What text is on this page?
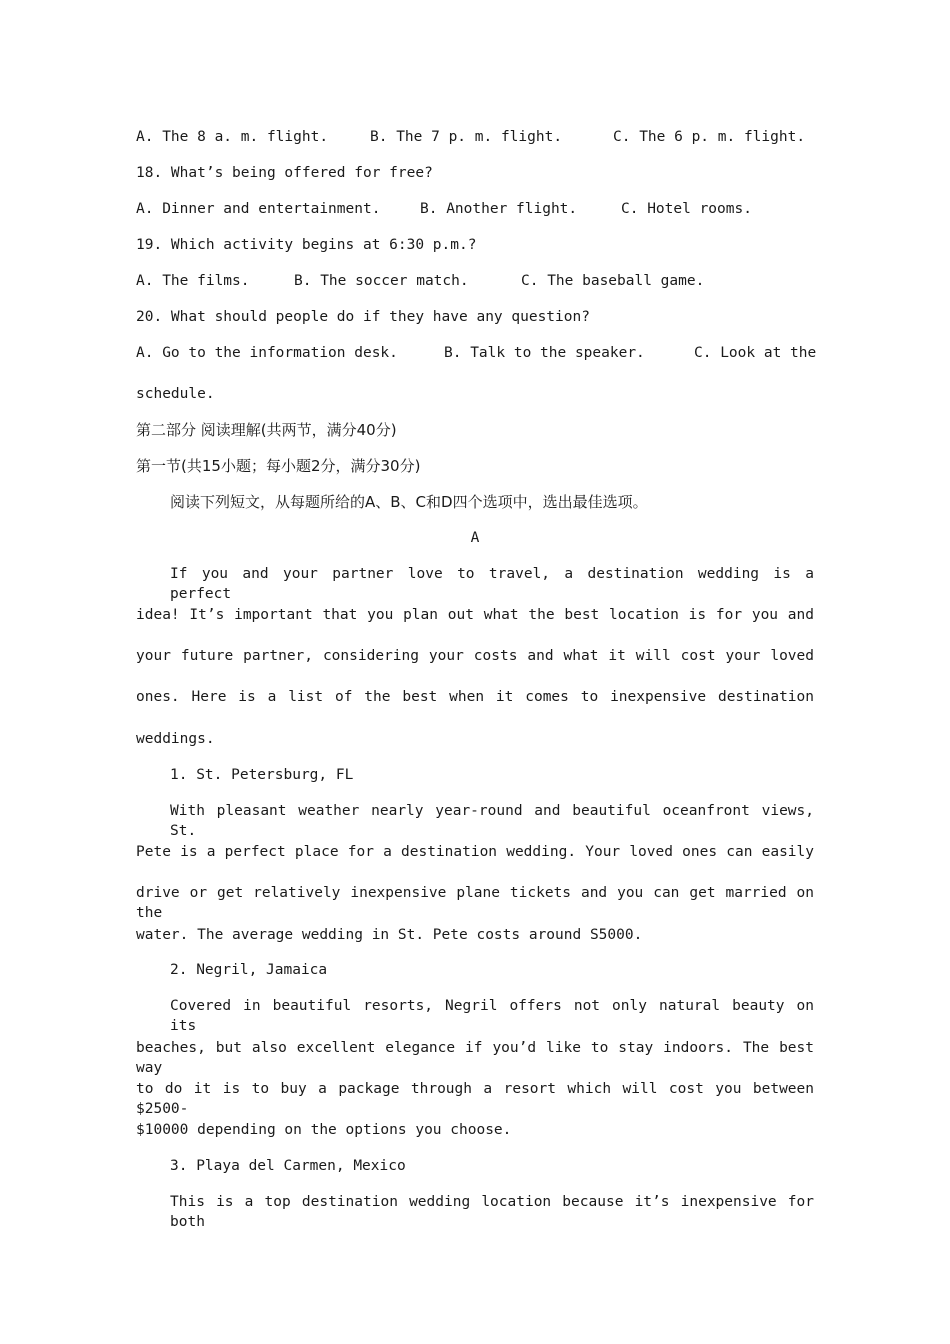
A. The 8 a. m. flight.	B. The 7 p. m. flight.	C. The 6 p. m. flight.
18. What’s being offered for free?
A. Dinner and entertainment.	B. Another flight.	C. Hotel rooms.
19. Which activity begins at 6:30 p.m.?
A. The films.	B. The soccer match.	C. The baseball game.
20. What should people do if they have any question?
A. Go to the information desk.	B. Talk to the speaker.	C. Look at the
schedule.
第二部分 阅读理解(共两节，满分40分)
第一节(共15小题；每小题2分，满分30分)
阅读下列短文，从每题所给的A、B、C和D四个选项中，选出最佳选项。
A
If you and your partner love to travel, a destination wedding is a perfect
idea! It’s important that you plan out what the best location is for you and
your future partner, considering your costs and what it will cost your loved
ones. Here is a list of the best when it comes to inexpensive destination
weddings.
1. St. Petersburg, FL
With pleasant weather nearly year-round and beautiful oceanfront views, St.
Pete is a perfect place for a destination wedding. Your loved ones can easily
drive or get relatively inexpensive plane tickets and you can get married on the
water. The average wedding in St. Pete costs around S5000.
2. Negril, Jamaica
Covered in beautiful resorts, Negril offers not only natural beauty on its
beaches, but also excellent elegance if you’d like to stay indoors. The best way
to do it is to buy a package through a resort which will cost you between $2500-
$10000 depending on the options you choose.
3. Playa del Carmen, Mexico
This is a top destination wedding location because it’s inexpensive for both
